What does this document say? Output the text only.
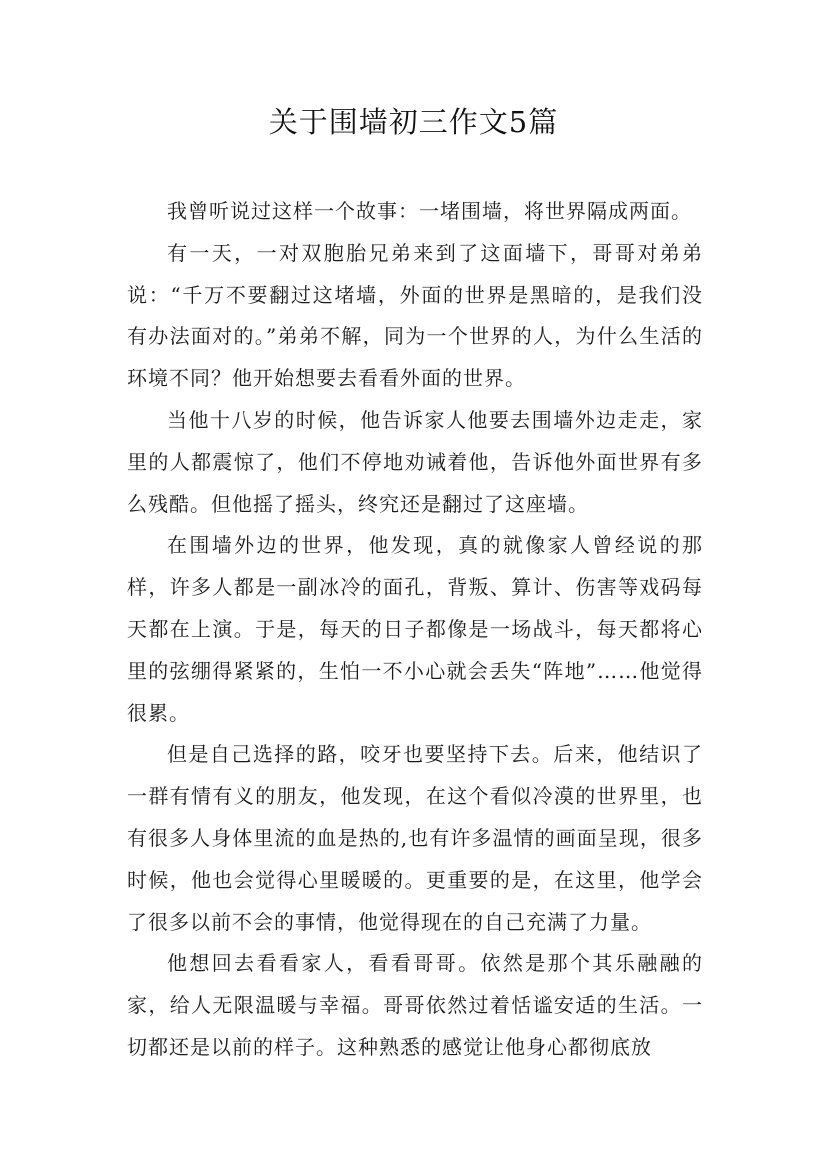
关于围墙初三作文5篇

我曾听说过这样一个故事：一堵围墙，将世界隔成两面。

有一天，一对双胞胎兄弟来到了这面墙下，哥哥对弟弟说：“千万不要翻过这堵墙，外面的世界是黑暗的，是我们没有办法面对的。”弟弟不解，同为一个世界的人，为什么生活的环境不同？他开始想要去看看外面的世界。

当他十八岁的时候，他告诉家人他要去围墙外边走走，家里的人都震惊了，他们不停地劝诫着他，告诉他外面世界有多么残酷。但他摇了摇头，终究还是翻过了这座墙。

在围墙外边的世界，他发现，真的就像家人曾经说的那样，许多人都是一副冰冷的面孔，背叛、算计、伤害等戏码每天都在上演。于是，每天的日子都像是一场战斗，每天都将心里的弦绷得紧紧的，生怕一不小心就会丢失“阵地”……他觉得很累。

但是自己选择的路，咬牙也要坚持下去。后来，他结识了一群有情有义的朋友，他发现，在这个看似冷漠的世界里，也有很多人身体里流的血是热的,也有许多温情的画面呈现，很多时候，他也会觉得心里暖暖的。更重要的是，在这里，他学会了很多以前不会的事情，他觉得现在的自己充满了力量。

他想回去看看家人，看看哥哥。依然是那个其乐融融的家，给人无限温暖与幸福。哥哥依然过着恬谧安适的生活。一切都还是以前的样子。这种熟悉的感觉让他身心都彻底放
